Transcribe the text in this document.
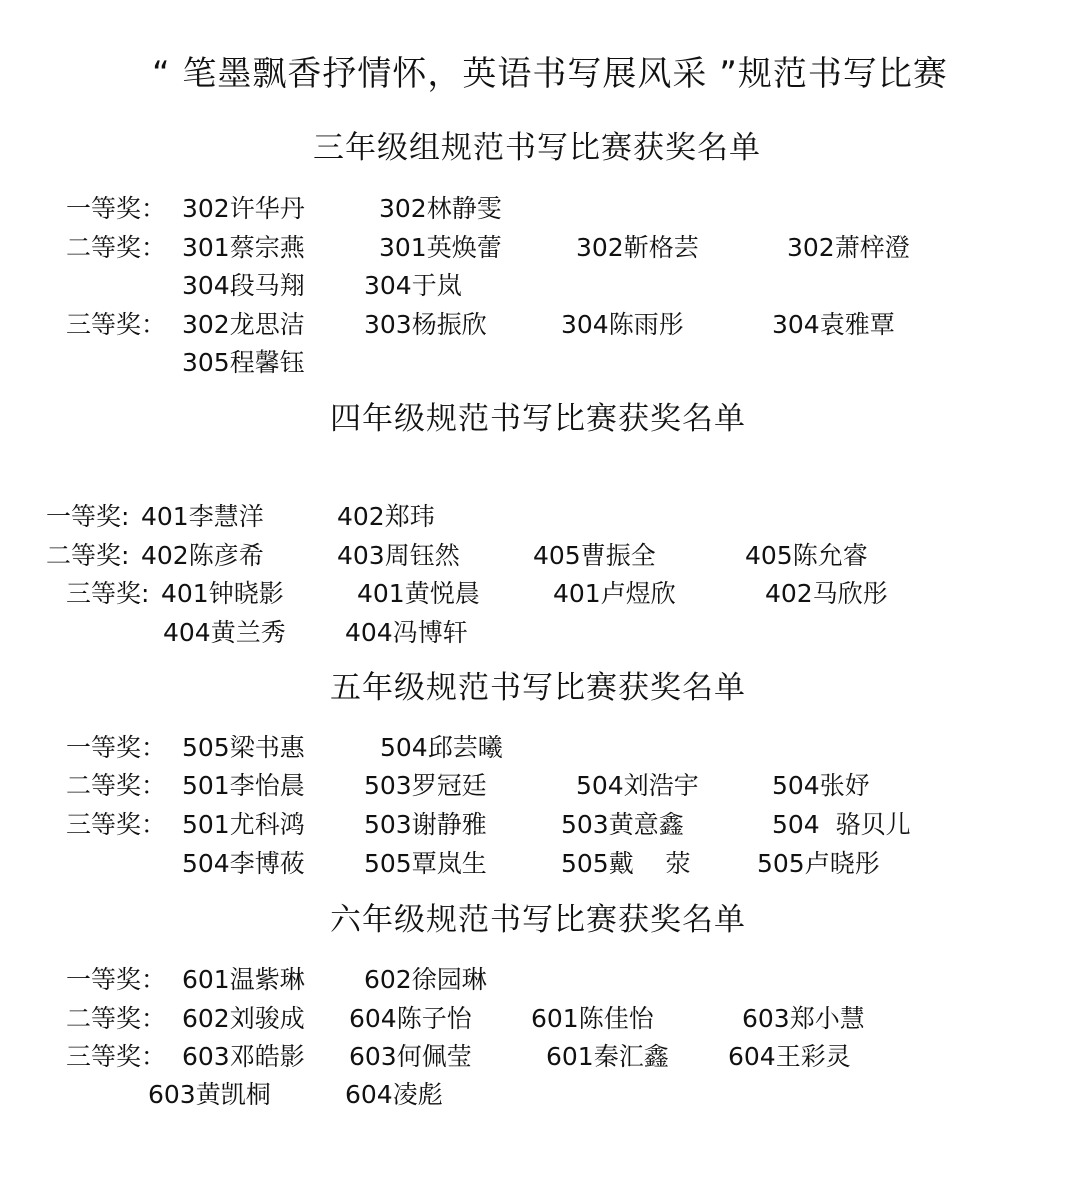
“ 笔墨飘香抒情怀，英语书写展风采 ”规范书写比赛
三年级组规范书写比赛获奖名单
一等奖： 302许华丹	302林静雯
二等奖： 301蔡宗燕	301英焕蕾	302靳格芸	302萧梓澄
304段马翔 304于岚
三等奖： 302龙思洁 303杨振欣	304陈雨彤	304袁雅覃
305程馨钰
四年级规范书写比赛获奖名单
一等奖: 401李慧洋	402郑玮
二等奖: 402陈彦希	403周钰然	405曹振全	405陈允睿
三等奖: 401钟晓影	401黄悦晨	401卢煜欣	402马欣彤
404黄兰秀 404冯博轩
五年级规范书写比赛获奖名单
一等奖： 505梁书惠	504邱芸曦
二等奖： 501李怡晨 503罗冠廷	504刘浩宇	504张妤
三等奖： 501尤科鸿 503谢静雅	503黄意鑫	504  骆贝儿
504李博莜 505覃岚生	505戴    荥	505卢晓彤
六年级规范书写比赛获奖名单
一等奖： 601温紫琳 602徐园琳
二等奖： 602刘骏成 604陈子怡 601陈佳怡	603郑小慧
三等奖： 603邓皓影 603何佩莹	601秦汇鑫 604王彩灵
603黄凯桐	604凌彪
